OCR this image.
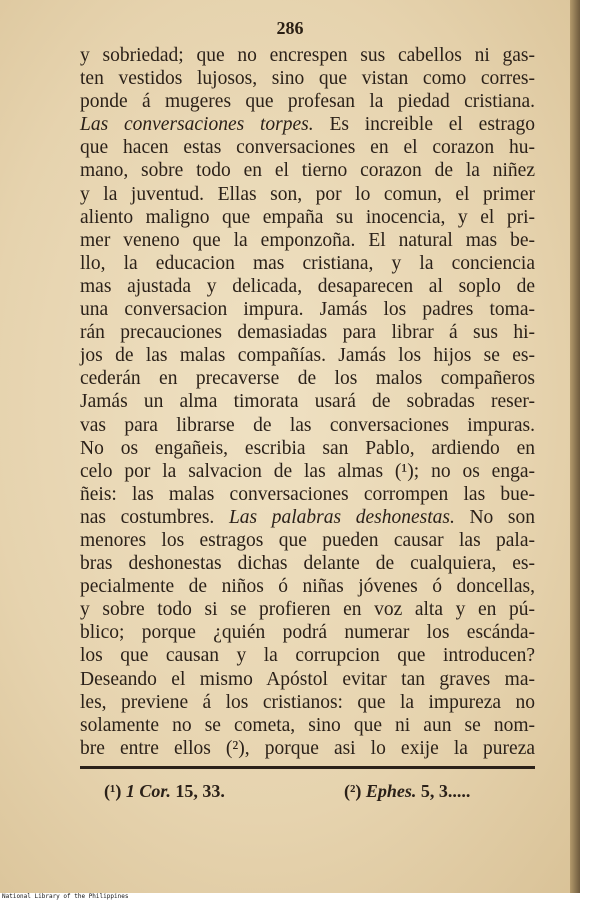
286

y sobriedad; que no encrespen sus cabellos ni gas-
ten vestidos lujosos, sino que vistan como corres-
ponde á mugeres que profesan la piedad cristiana.
Las conversaciones torpes. Es increible el estrago
que hacen estas conversaciones en el corazon hu-
mano, sobre todo en el tierno corazon de la niñez
y la juventud. Ellas son, por lo comun, el primer
aliento maligno que empaña su inocencia, y el pri-
mer veneno que la emponzoña. El natural mas be-
llo, la educacion mas cristiana, y la conciencia
mas ajustada y delicada, desaparecen al soplo de
una conversacion impura. Jamás los padres toma-
rán precauciones demasiadas para librar á sus hi-
jos de las malas compañías. Jamás los hijos se es-
cederán en precaverse de los malos compañeros
Jamás un alma timorata usará de sobradas reser-
vas para librarse de las conversaciones impuras.
No os engañeis, escribia san Pablo, ardiendo en
celo por la salvacion de las almas (¹); no os enga-
ñeis: las malas conversaciones corrompen las bue-
nas costumbres. Las palabras deshonestas. No son
menores los estragos que pueden causar las pala-
bras deshonestas dichas delante de cualquiera, es-
pecialmente de niños ó niñas jóvenes ó doncellas,
y sobre todo si se profieren en voz alta y en pú-
blico; porque ¿quién podrá numerar los escánda-
los que causan y la corrupcion que introducen?
Deseando el mismo Apóstol evitar tan graves ma-
les, previene á los cristianos: que la impureza no
solamente no se cometa, sino que ni aun se nom-
bre entre ellos (²), porque asi lo exije la pureza
(¹) 1 Cor. 15, 33.	(²) Ephes. 5, 3.....
National Library of the Philippines
